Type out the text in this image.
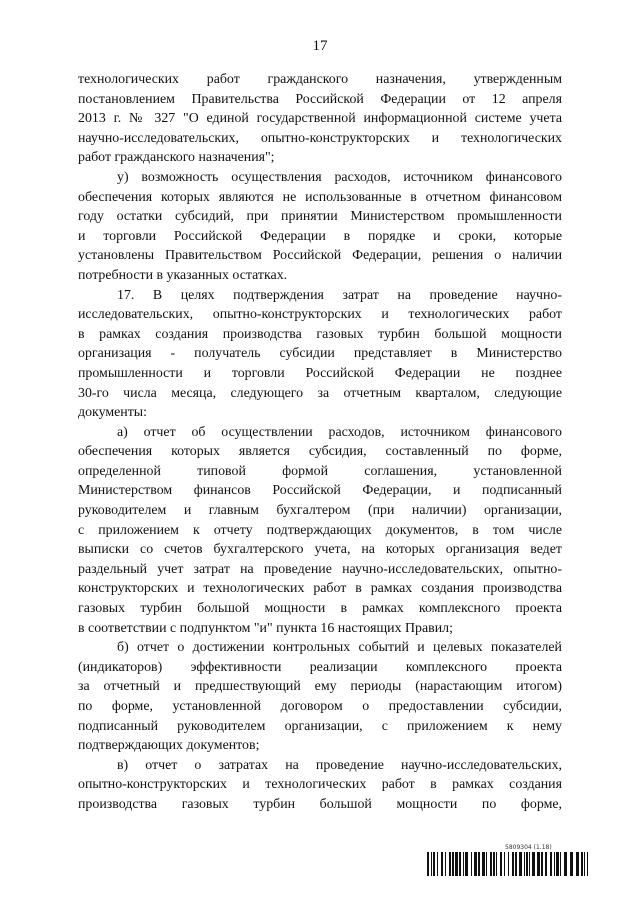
17

технологических работ гражданского назначения, утвержденным

постановлением Правительства Российской Федерации от 12 апреля

2013 г. № 327 "О единой государственной информационной системе учета

научно-исследовательских, опытно-конструкторских и технологических

работ гражданского назначения";

у) возможность осуществления расходов, источником финансового

обеспечения которых являются не использованные в отчетном финансовом

году остатки субсидий, при принятии Министерством промышленности

и торговли Российской Федерации в порядке и сроки, которые

установлены Правительством Российской Федерации, решения о наличии

потребности в указанных остатках.

17. В целях подтверждения затрат на проведение научно-

исследовательских, опытно-конструкторских и технологических работ

в рамках создания производства газовых турбин большой мощности

организация - получатель субсидии представляет в Министерство

промышленности и торговли Российской Федерации не позднее

30-го числа месяца, следующего за отчетным кварталом, следующие

документы:

а) отчет об осуществлении расходов, источником финансового

обеспечения которых является субсидия, составленный по форме,

определенной типовой формой соглашения, установленной

Министерством финансов Российской Федерации, и подписанный

руководителем и главным бухгалтером (при наличии) организации,

с приложением к отчету подтверждающих документов, в том числе

выписки со счетов бухгалтерского учета, на которых организация ведет

раздельный учет затрат на проведение научно-исследовательских, опытно-

конструкторских и технологических работ в рамках создания производства

газовых турбин большой мощности в рамках комплексного проекта

в соответствии с подпунктом "и" пункта 16 настоящих Правил;

б) отчет о достижении контрольных событий и целевых показателей

(индикаторов) эффективности реализации комплексного проекта

за отчетный и предшествующий ему периоды (нарастающим итогом)

по форме, установленной договором о предоставлении субсидии,

подписанный руководителем организации, с приложением к нему

подтверждающих документов;

в) отчет о затратах на проведение научно-исследовательских,

опытно-конструкторских и технологических работ в рамках создания

производства газовых турбин большой мощности по форме,

5809304 (1.18)
